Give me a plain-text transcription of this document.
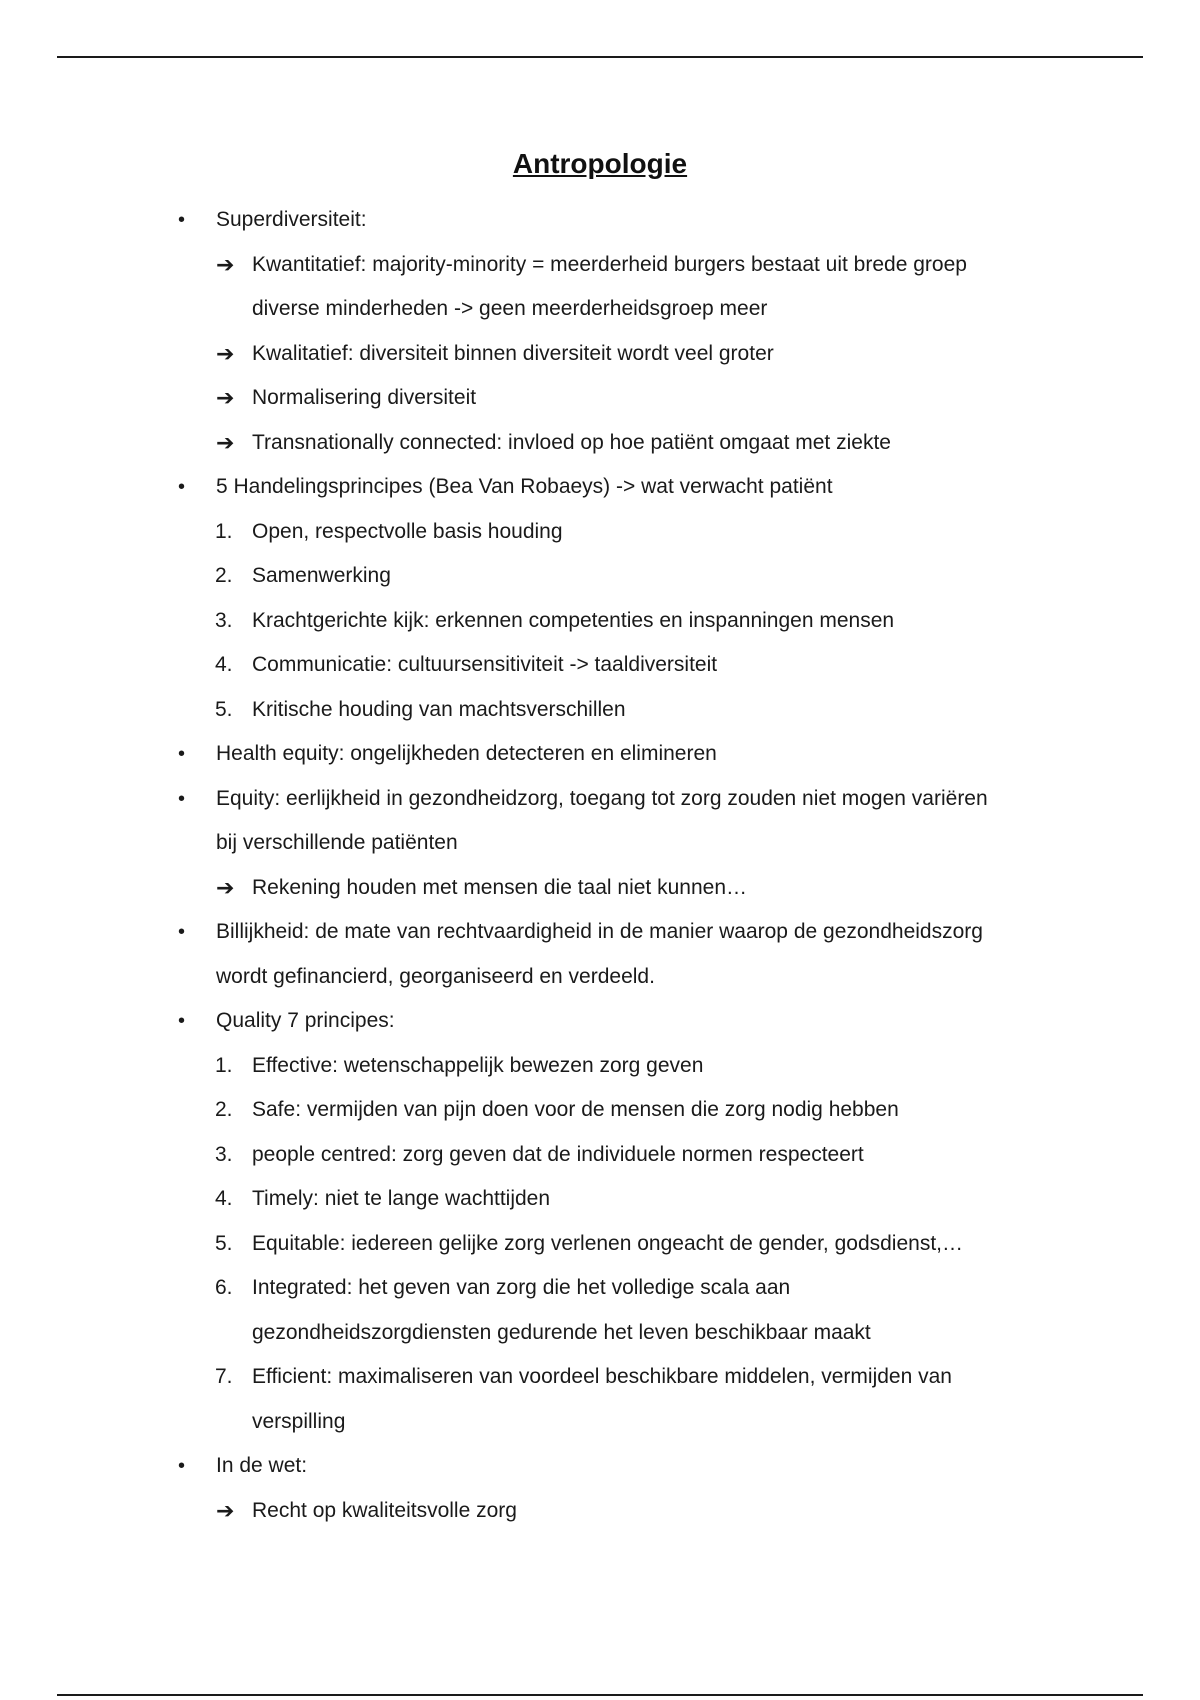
Antropologie
• Superdiversiteit:
➔ Kwantitatief: majority-minority = meerderheid burgers bestaat uit brede groep
diverse minderheden -> geen meerderheidsgroep meer
➔ Kwalitatief: diversiteit binnen diversiteit wordt veel groter
➔ Normalisering diversiteit
➔ Transnationally connected: invloed op hoe patiënt omgaat met ziekte
• 5 Handelingsprincipes (Bea Van Robaeys) -> wat verwacht patiënt
1. Open, respectvolle basis houding
2. Samenwerking
3. Krachtgerichte kijk: erkennen competenties en inspanningen mensen
4. Communicatie: cultuursensitiviteit -> taaldiversiteit
5. Kritische houding van machtsverschillen
• Health equity: ongelijkheden detecteren en elimineren
• Equity: eerlijkheid in gezondheidzorg, toegang tot zorg zouden niet mogen variëren
bij verschillende patiënten
➔ Rekening houden met mensen die taal niet kunnen…
• Billijkheid: de mate van rechtvaardigheid in de manier waarop de gezondheidszorg
wordt gefinancierd, georganiseerd en verdeeld.
• Quality 7 principes:
1. Effective: wetenschappelijk bewezen zorg geven
2. Safe: vermijden van pijn doen voor de mensen die zorg nodig hebben
3. people centred: zorg geven dat de individuele normen respecteert
4. Timely: niet te lange wachttijden
5. Equitable: iedereen gelijke zorg verlenen ongeacht de gender, godsdienst,…
6. Integrated: het geven van zorg die het volledige scala aan
gezondheidszorgdiensten gedurende het leven beschikbaar maakt
7. Efficient: maximaliseren van voordeel beschikbare middelen, vermijden van
verspilling
• In de wet:
➔ Recht op kwaliteitsvolle zorg
